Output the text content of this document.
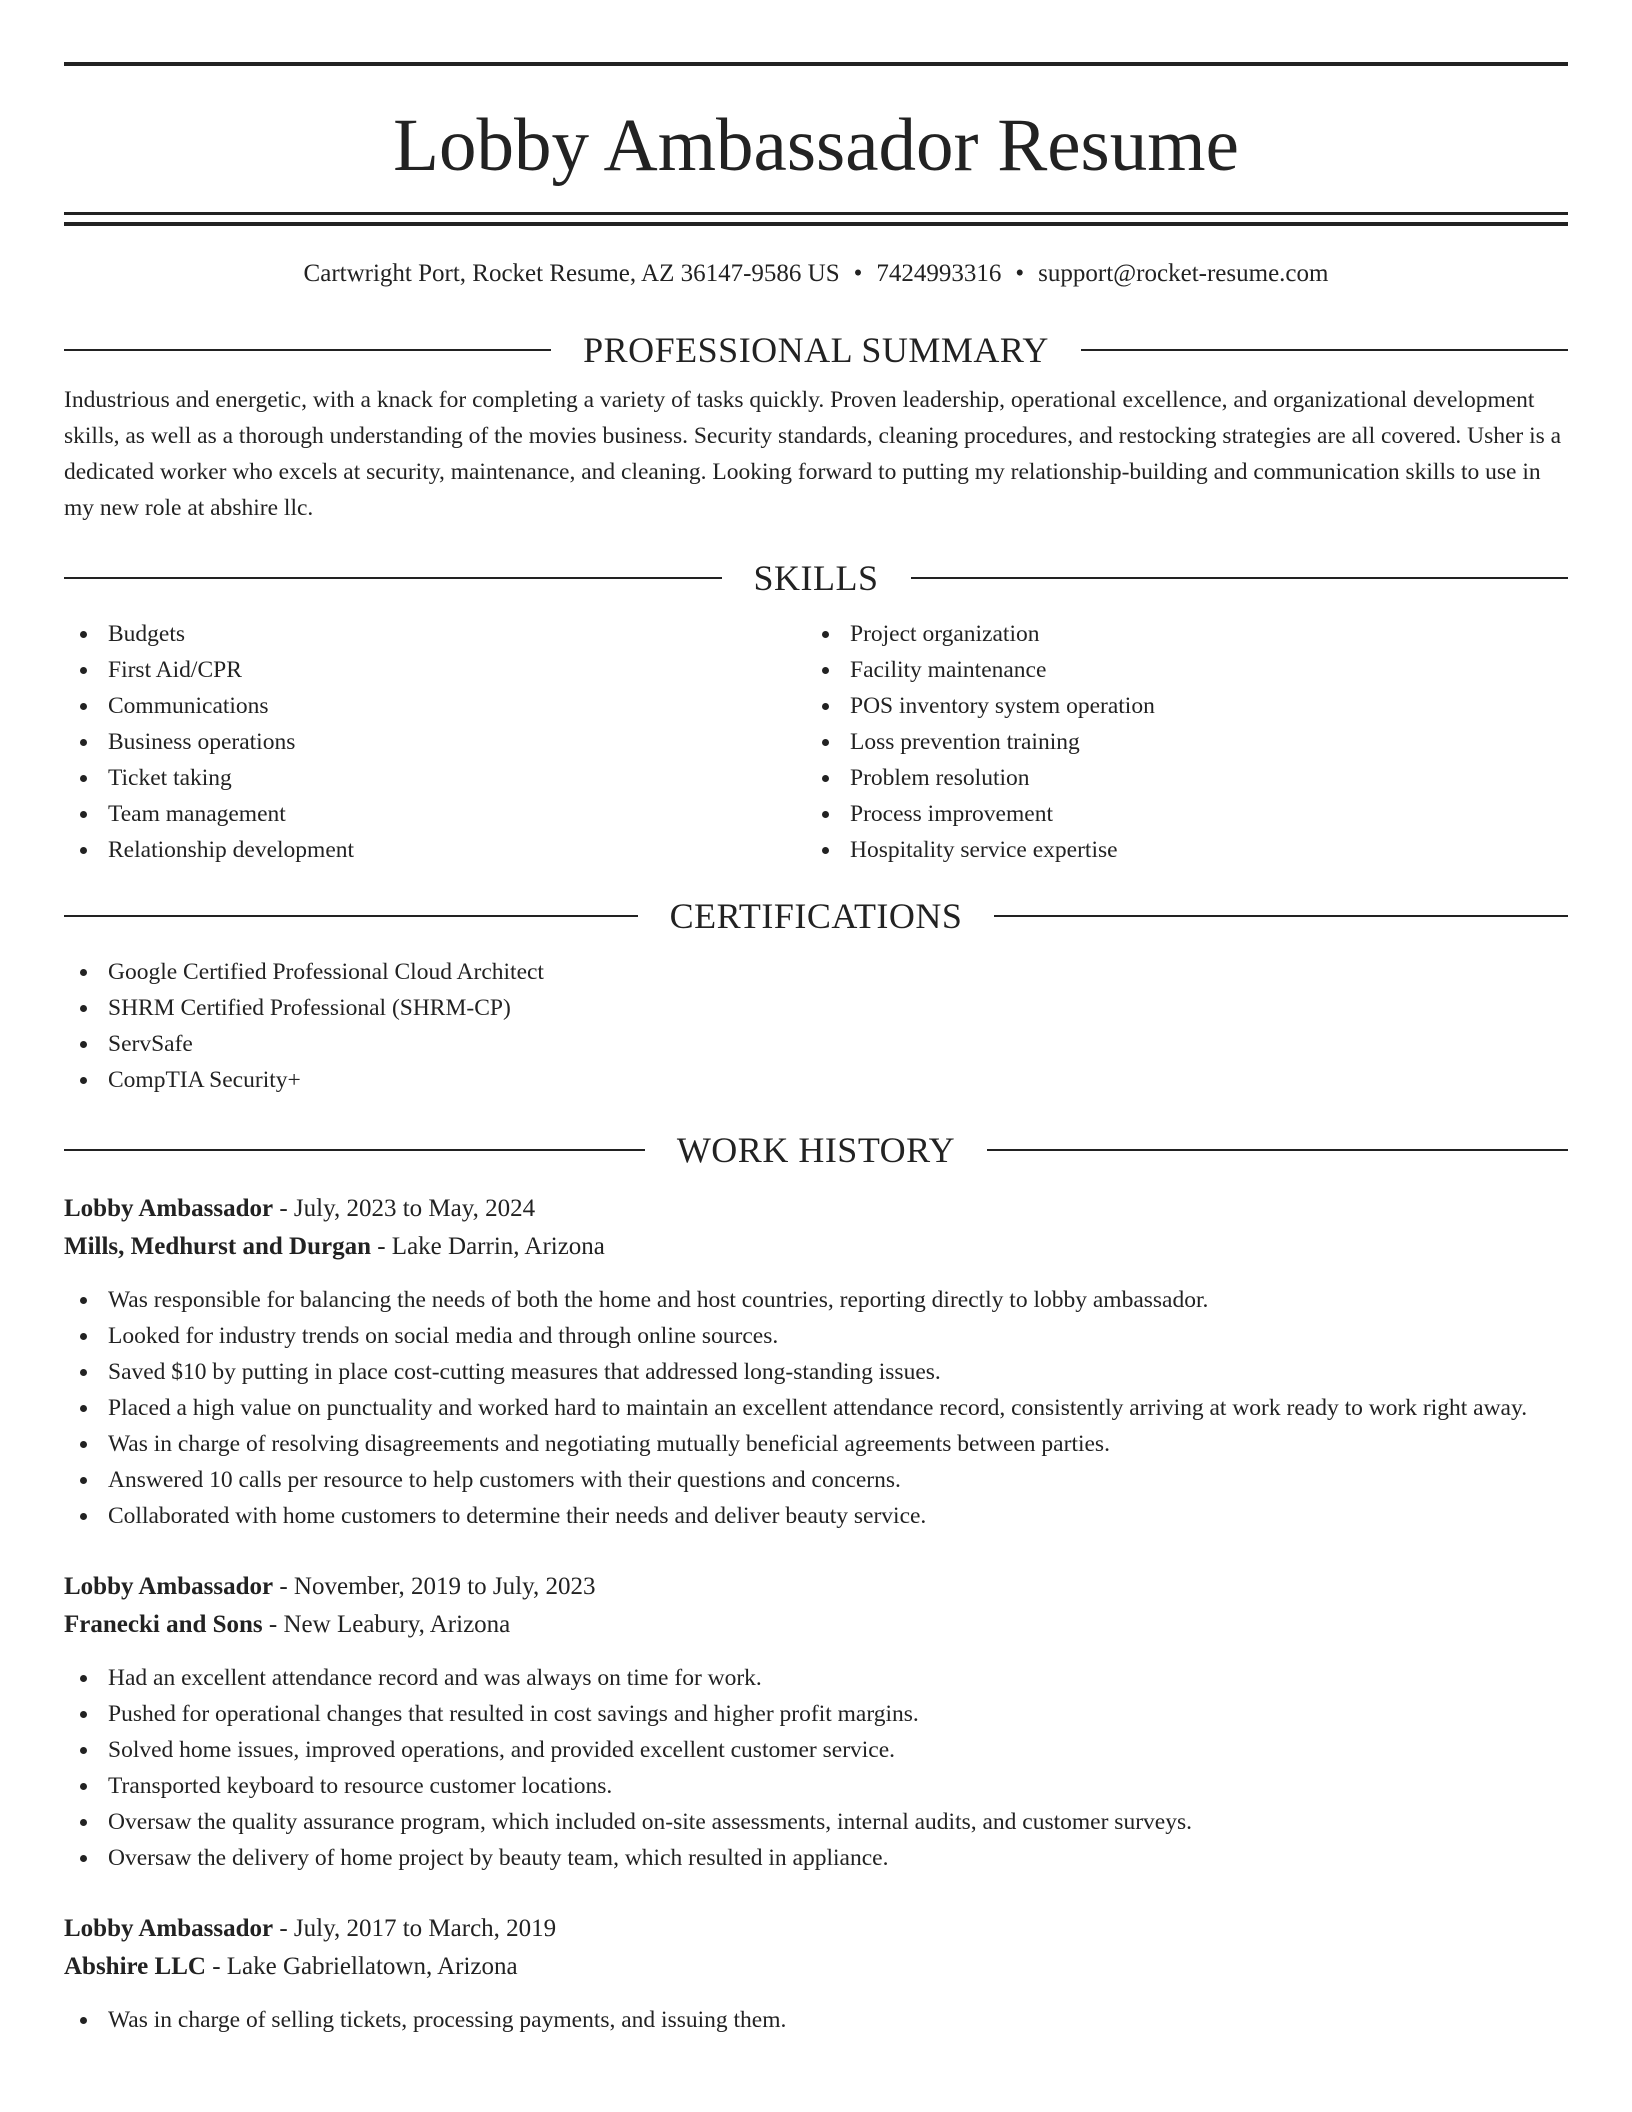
Lobby Ambassador Resume
Cartwright Port, Rocket Resume, AZ 36147-9586 US • 7424993316 • support@rocket-resume.com
PROFESSIONAL SUMMARY

Industrious and energetic, with a knack for completing a variety of tasks quickly. Proven leadership, operational excellence, and organizational development skills, as well as a thorough understanding of the movies business. Security standards, cleaning procedures, and restocking strategies are all covered. Usher is a dedicated worker who excels at security, maintenance, and cleaning. Looking forward to putting my relationship-building and communication skills to use in my new role at abshire llc.

SKILLS
Budgets
First Aid/CPR
Communications
Business operations
Ticket taking
Team management
Relationship development
Project organization
Facility maintenance
POS inventory system operation
Loss prevention training
Problem resolution
Process improvement
Hospitality service expertise
CERTIFICATIONS
Google Certified Professional Cloud Architect
SHRM Certified Professional (SHRM-CP)
ServSafe
CompTIA Security+
WORK HISTORY
Lobby Ambassador - July, 2023 to May, 2024
Mills, Medhurst and Durgan - Lake Darrin, Arizona
Was responsible for balancing the needs of both the home and host countries, reporting directly to lobby ambassador.
Looked for industry trends on social media and through online sources.
Saved $10 by putting in place cost-cutting measures that addressed long-standing issues.
Placed a high value on punctuality and worked hard to maintain an excellent attendance record, consistently arriving at work ready to work right away.
Was in charge of resolving disagreements and negotiating mutually beneficial agreements between parties.
Answered 10 calls per resource to help customers with their questions and concerns.
Collaborated with home customers to determine their needs and deliver beauty service.
Lobby Ambassador - November, 2019 to July, 2023
Franecki and Sons - New Leabury, Arizona
Had an excellent attendance record and was always on time for work.
Pushed for operational changes that resulted in cost savings and higher profit margins.
Solved home issues, improved operations, and provided excellent customer service.
Transported keyboard to resource customer locations.
Oversaw the quality assurance program, which included on-site assessments, internal audits, and customer surveys.
Oversaw the delivery of home project by beauty team, which resulted in appliance.
Lobby Ambassador - July, 2017 to March, 2019
Abshire LLC - Lake Gabriellatown, Arizona
Was in charge of selling tickets, processing payments, and issuing them.
